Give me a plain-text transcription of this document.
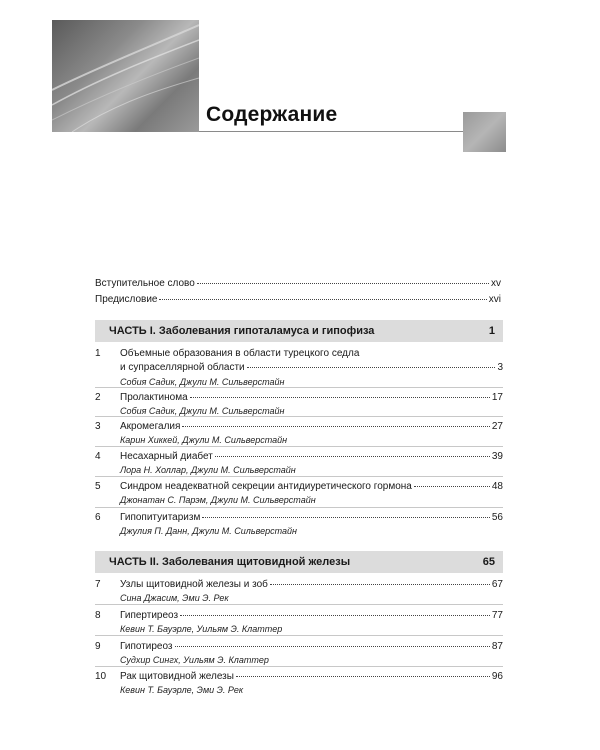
Содержание
Вступительное слово	xv
Предисловие	xvi
ЧАСТЬ I. Заболевания гипоталамуса и гипофиза	1
1	Объемные образования в области турецкого седла
и супраселлярной области	3
Собия Садик, Джули М. Сильверстайн
2	Пролактинома	17
Собия Садик, Джули М. Сильверстайн
3	Акромегалия	27
Карин Хиккей, Джули М. Сильверстайн
4	Несахарный диабет	39
Лора Н. Холлар, Джули М. Сильверстайн
5	Синдром неадекватной секреции антидиуретического гормона	48
Джонатан С. Парэм, Джули М. Сильверстайн
6	Гипопитуитаризм	56
Джулия П. Данн, Джули М. Сильверстайн
ЧАСТЬ II. Заболевания щитовидной железы	65
7	Узлы щитовидной железы и зоб	67
Сина Джасим, Эми Э. Рек
8	Гипертиреоз	77
Кевин Т. Бауэрле, Уильям Э. Клаттер
9	Гипотиреоз	87
Судхир Сингх, Уильям Э. Клаттер
10	Рак щитовидной железы	96
Кевин Т. Бауэрле, Эми Э. Рек
